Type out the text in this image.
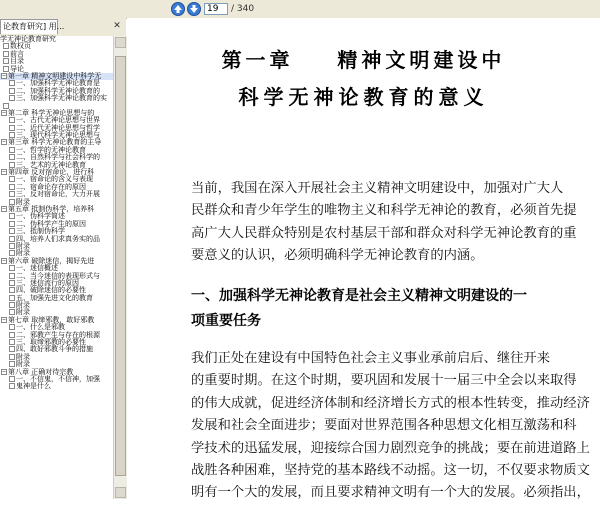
19	/ 340
论教育研究] 用...	✕
学无神论教育研究
数权页
前言
目录
导论
− 第一章 精神文明建设中科学无
一、加强科学无神论教育是
二、加强科学无神论教育的
三、加强科学无神论教育的实
− 第二章 科学无神论思想与的
一、古代无神论思想与世界
二、近代无神论思想与哲学
三、现代科学无神论思想与
− 第三章 科学无神论教育的主导
一、哲学的无神论教育
二、自然科学与社会科学的
三、艺术的无神论教育
− 第四章 反对宿命论，进行科
一、宿命论的含义与表现
二、宿命论存在的原因
三、反对宿命论，大力开展
附录
− 第五章 抵制伪科学，培养科
一、伪科学简述
二、伪科学产生的原因
三、抵制伪科学
四、培养人们求真务实的品
附录
附录
− 第六章 破除迷信，揭好先进
一、迷信概述
二、当今迷信的表现形式与
三、迷信流行的原因
四、破除迷信的必要性
五、加强先进文化的教育
附录
附录
− 第七章 取缔邪教，敢好邪教
一、什么是邪教
二、邪教产生与存在的根源
三、取缔邪教的必要性
四、敢好邪教斗争的措施
附录
附录
− 第八章 正确对待宗教
一、不信鬼，不信神，加强
鬼神是什么
第一章    精神文明建设中
科学无神论教育的意义
当前，我国在深入开展社会主义精神文明建设中，加强对广大人
民群众和青少年学生的唯物主义和科学无神论的教育，必须首先提
高广大人民群众特别是农村基层干部和群众对科学无神论教育的重
要意义的认识，必须明确科学无神论教育的内涵。
一、加强科学无神论教育是社会主义精神文明建设的一
项重要任务
我们正处在建设有中国特色社会主义事业承前启后、继往开来
的重要时期。在这个时期，要巩固和发展十一届三中全会以来取得
的伟大成就，促进经济体制和经济增长方式的根本性转变，推动经济
发展和社会全面进步；要面对世界范围各种思想文化相互激荡和科
学技术的迅猛发展，迎接综合国力剧烈竞争的挑战；要在前进道路上
战胜各种困难，坚持党的基本路线不动摇。这一切，不仅要求物质文
明有一个大的发展，而且要求精神文明有一个大的发展。必须指出，
